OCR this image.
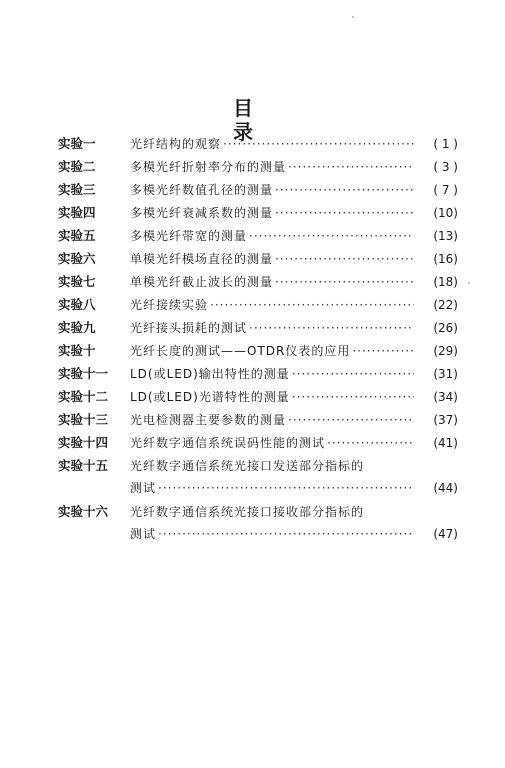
目 录
实验一	光纤结构的观察 ·····	( 1 )
实验二	多模光纤折射率分布的测量 ·····	( 3 )
实验三	多模光纤数值孔径的测量 ·····	( 7 )
实验四	多模光纤衰减系数的测量 ·····	(10)
实验五	多模光纤带宽的测量 ·····	(13)
实验六	单模光纤模场直径的测量 ·····	(16)
实验七	单模光纤截止波长的测量 ·····	(18)
实验八	光纤接续实验 ·····	(22)
实验九	光纤接头损耗的测试 ·····	(26)
实验十	光纤长度的测试——OTDR仪表的应用 ·····	(29)
实验十一	LD(或LED)输出特性的测量 ·····	(31)
实验十二	LD(或LED)光谱特性的测量 ·····	(34)
实验十三	光电检测器主要参数的测量 ·····	(37)
实验十四	光纤数字通信系统误码性能的测试 ·····	(41)
实验十五	光纤数字通信系统光接口发送部分指标的
测试 ·····	(44)
实验十六	光纤数字通信系统光接口接收部分指标的
测试 ·····	(47)
